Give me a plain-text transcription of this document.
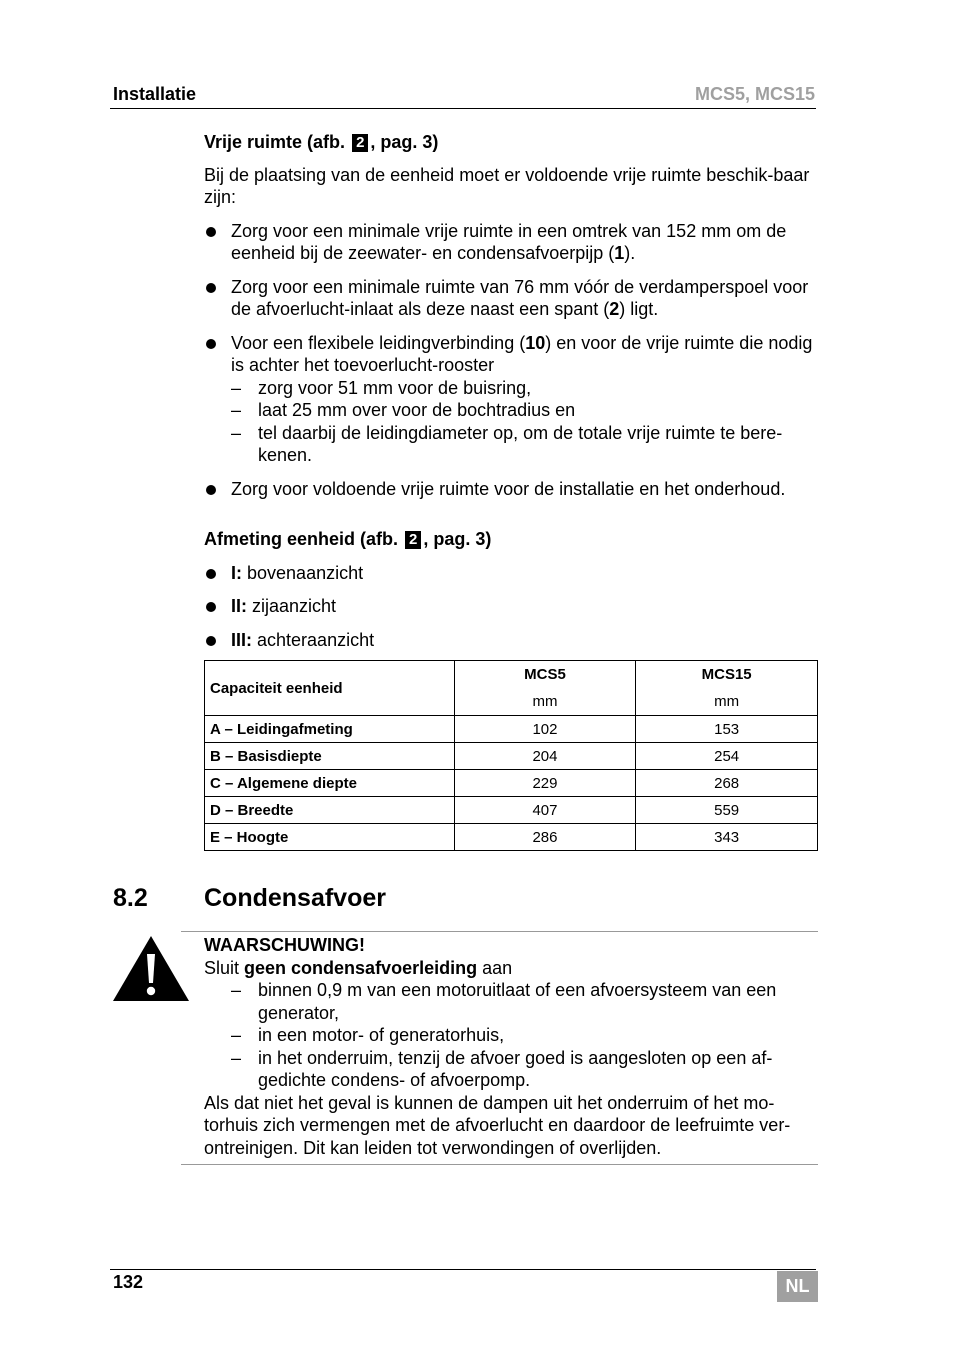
Installatie	MCS5, MCS15

Vrije ruimte (afb. 2 , pag. 3)

Bij de plaatsing van de eenheid moet er voldoende vrije ruimte beschik-baar zijn:

Zorg voor een minimale vrije ruimte in een omtrek van 152 mm om de eenheid bij de zeewater- en condensafvoerpijp (1).
Zorg voor een minimale ruimte van 76 mm vóór de verdamperspoel voor de afvoerlucht-inlaat als deze naast een spant (2) ligt.
Voor een flexibele leidingverbinding (10) en voor de vrije ruimte die nodig is achter het toevoerlucht-rooster
– zorg voor 51 mm voor de buisring,
– laat 25 mm over voor de bochtradius en
– tel daarbij de leidingdiameter op, om de totale vrije ruimte te bere-kenen.
Zorg voor voldoende vrije ruimte voor de installatie en het onderhoud.

Afmeting eenheid (afb. 2 , pag. 3)

I: bovenaanzicht
II: zijaanzicht
III: achteraanzicht
Capaciteit eenheid	MCS5	MCS15
	mm	mm
A – Leidingafmeting	102	153
B – Basisdiepte	204	254
C – Algemene diepte	229	268
D – Breedte	407	559
E – Hoogte	286	343
8.2 Condensafvoer

WAARSCHUWING!

Sluit geen condensafvoerleiding aan

– binnen 0,9 m van een motoruitlaat of een afvoersysteem van een generator,
– in een motor- of generatorhuis,
– in het onderruim, tenzij de afvoer goed is aangesloten op een af-gedichte condens- of afvoerpomp.

Als dat niet het geval is kunnen de dampen uit het onderruim of het mo-torhuis zich vermengen met de afvoerlucht en daardoor de leefruimte ver-ontreinigen. Dit kan leiden tot verwondingen of overlijden.

132	NL
